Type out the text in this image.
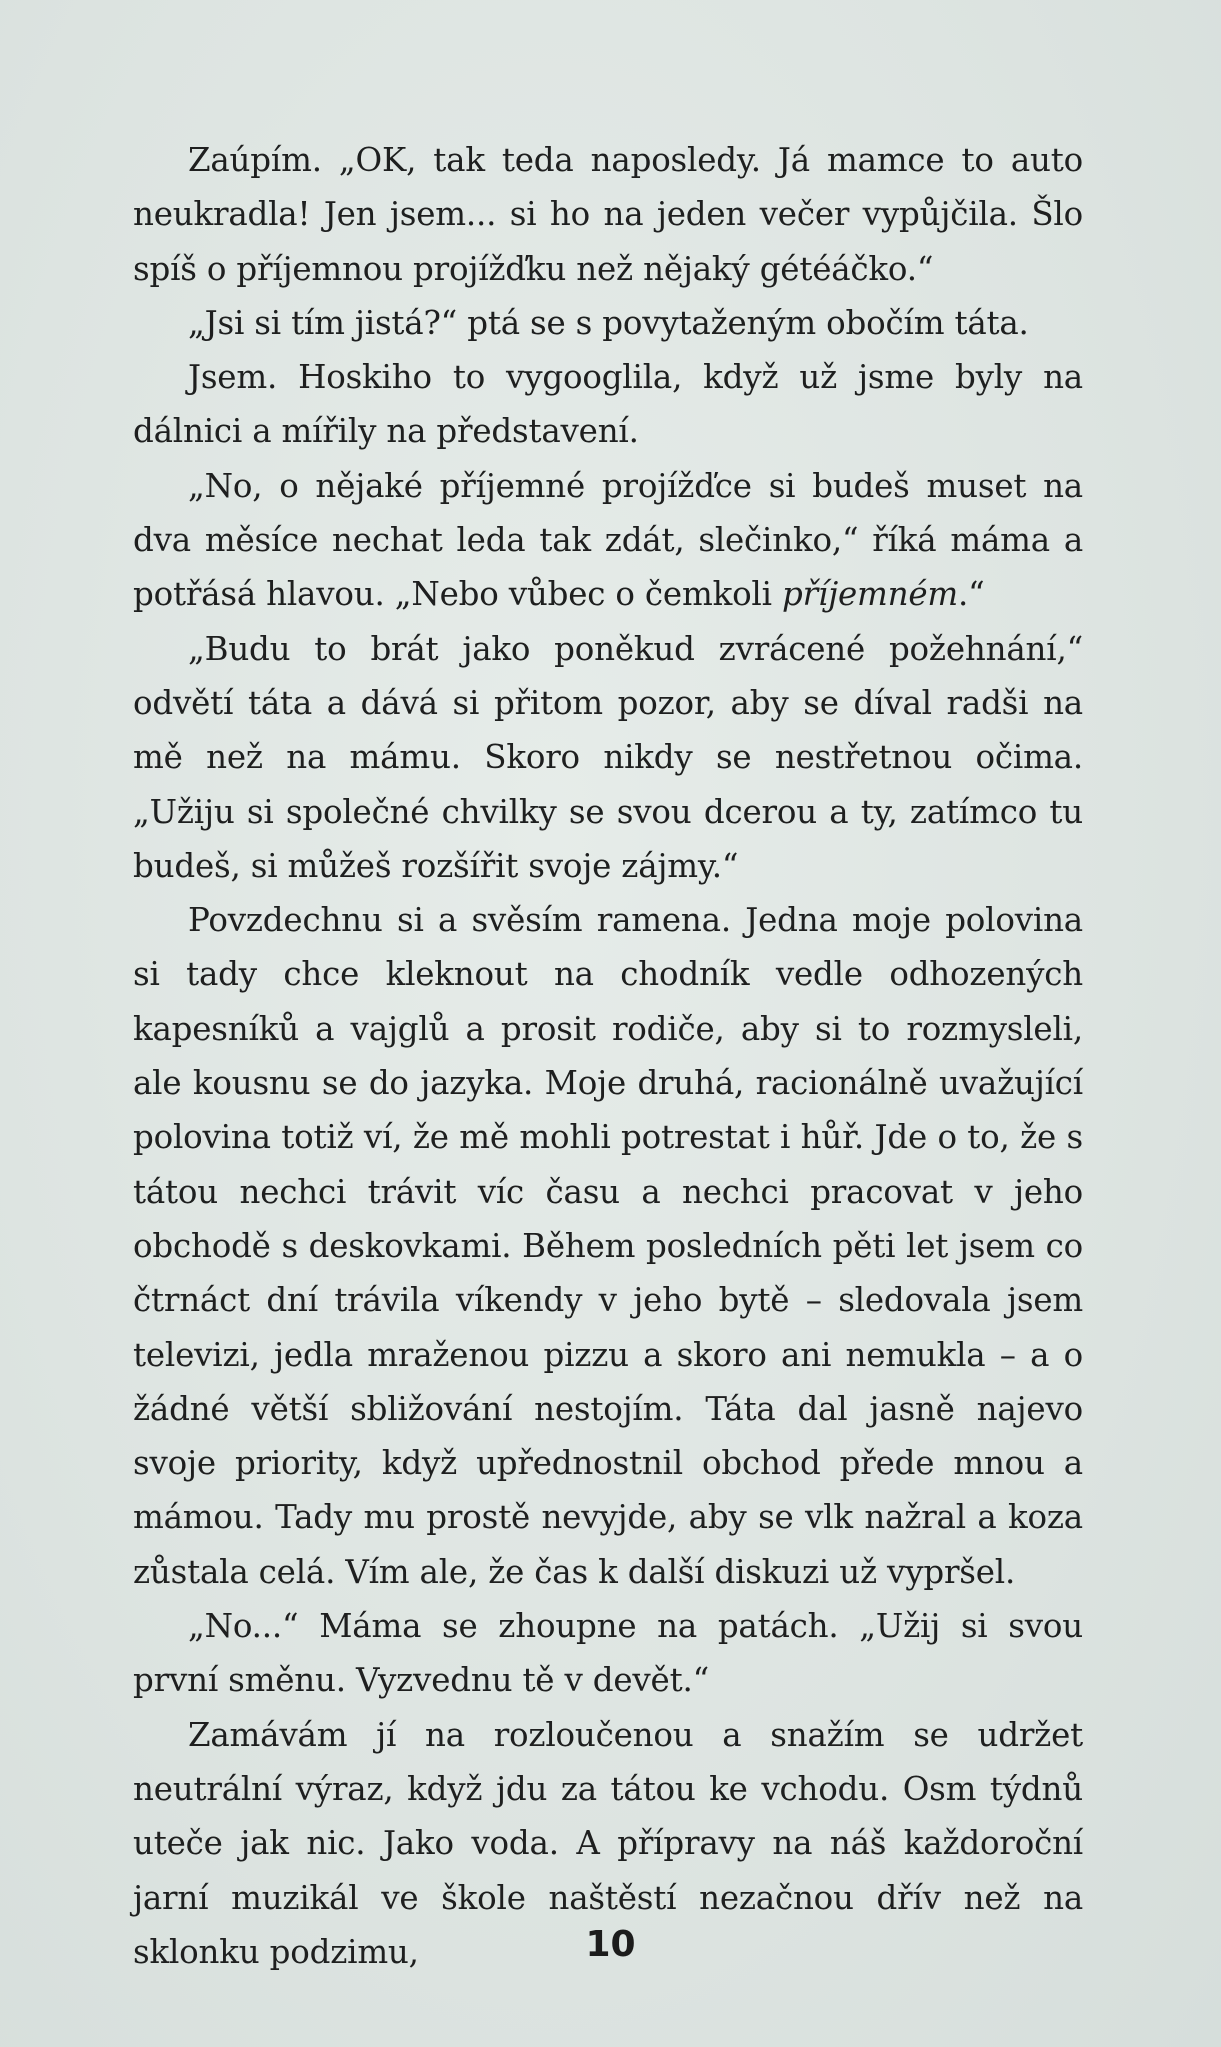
Zaúpím. „OK, tak teda naposledy. Já mamce to auto neukradla! Jen jsem... si ho na jeden večer vypůjčila. Šlo spíš o příjemnou projížďku než nějaký gétéáčko.“

„Jsi si tím jistá?“ ptá se s povytaženým obočím táta.

Jsem. Hoskiho to vygooglila, když už jsme byly na dálnici a mířily na představení.

„No, o nějaké příjemné projížďce si budeš muset na dva měsíce nechat leda tak zdát, slečinko,“ říká máma a potřásá hlavou. „Nebo vůbec o čemkoli příjemném.“

„Budu to brát jako poněkud zvrácené požehnání,“ odvětí táta a dává si přitom pozor, aby se díval radši na mě než na mámu. Skoro nikdy se nestřetnou očima. „Užiju si společné chvilky se svou dcerou a ty, zatímco tu budeš, si můžeš rozšířit svoje zájmy.“

Povzdechnu si a svěsím ramena. Jedna moje polovina si tady chce kleknout na chodník vedle odhozených kapesníků a vajglů a prosit rodiče, aby si to rozmysleli, ale kousnu se do jazyka. Moje druhá, racionálně uvažující polovina totiž ví, že mě mohli potrestat i hůř. Jde o to, že s tátou nechci trávit víc času a nechci pracovat v jeho obchodě s deskovkami. Během posledních pěti let jsem co čtrnáct dní trávila víkendy v jeho bytě – sledovala jsem televizi, jedla mraženou pizzu a skoro ani nemukla – a o žádné větší sbližování nestojím. Táta dal jasně najevo svoje priority, když upřednostnil obchod přede mnou a mámou. Tady mu prostě nevyjde, aby se vlk nažral a koza zůstala celá. Vím ale, že čas k další diskuzi už vypršel.

„No...“ Máma se zhoupne na patách. „Užij si svou první směnu. Vyzvednu tě v devět.“

Zamávám jí na rozloučenou a snažím se udržet neutrální výraz, když jdu za tátou ke vchodu. Osm týdnů uteče jak nic. Jako voda. A přípravy na náš každoroční jarní muzikál ve škole naštěstí nezačnou dřív než na sklonku podzimu,	10
